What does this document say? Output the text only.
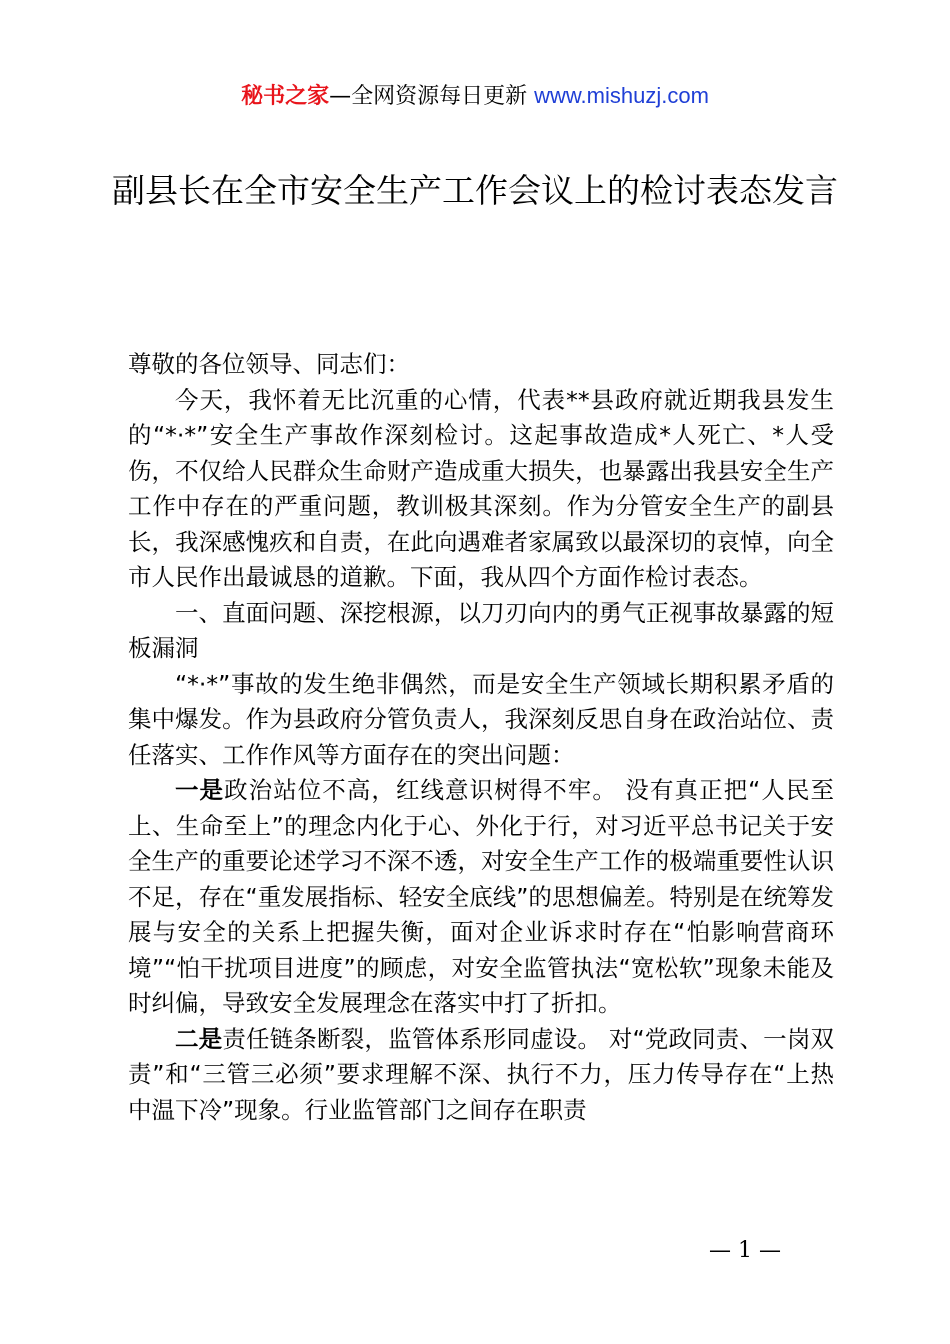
秘书之家—全网资源每日更新 www.mishuzj.com
副县长在全市安全生产工作会议上的检讨表态发言

尊敬的各位领导、同志们：

今天，我怀着无比沉重的心情，代表**县政府就近期我县发生的“*·*”安全生产事故作深刻检讨。这起事故造成*人死亡、*人受伤，不仅给人民群众生命财产造成重大损失，也暴露出我县安全生产工作中存在的严重问题，教训极其深刻。作为分管安全生产的副县长，我深感愧疚和自责，在此向遇难者家属致以最深切的哀悼，向全市人民作出最诚恳的道歉。下面，我从四个方面作检讨表态。

一、直面问题、深挖根源，以刀刃向内的勇气正视事故暴露的短板漏洞

“*·*”事故的发生绝非偶然，而是安全生产领域长期积累矛盾的集中爆发。作为县政府分管负责人，我深刻反思自身在政治站位、责任落实、工作作风等方面存在的突出问题：

一是政治站位不高，红线意识树得不牢。 没有真正把“人民至上、生命至上”的理念内化于心、外化于行，对习近平总书记关于安全生产的重要论述学习不深不透，对安全生产工作的极端重要性认识不足，存在“重发展指标、轻安全底线”的思想偏差。特别是在统筹发展与安全的关系上把握失衡，面对企业诉求时存在“怕影响营商环境”“怕干扰项目进度”的顾虑，对安全监管执法“宽松软”现象未能及时纠偏，导致安全发展理念在落实中打了折扣。

二是责任链条断裂，监管体系形同虚设。 对“党政同责、一岗双责”和“三管三必须”要求理解不深、执行不力，压力传导存在“上热中温下冷”现象。行业监管部门之间存在职责

— 1 —
